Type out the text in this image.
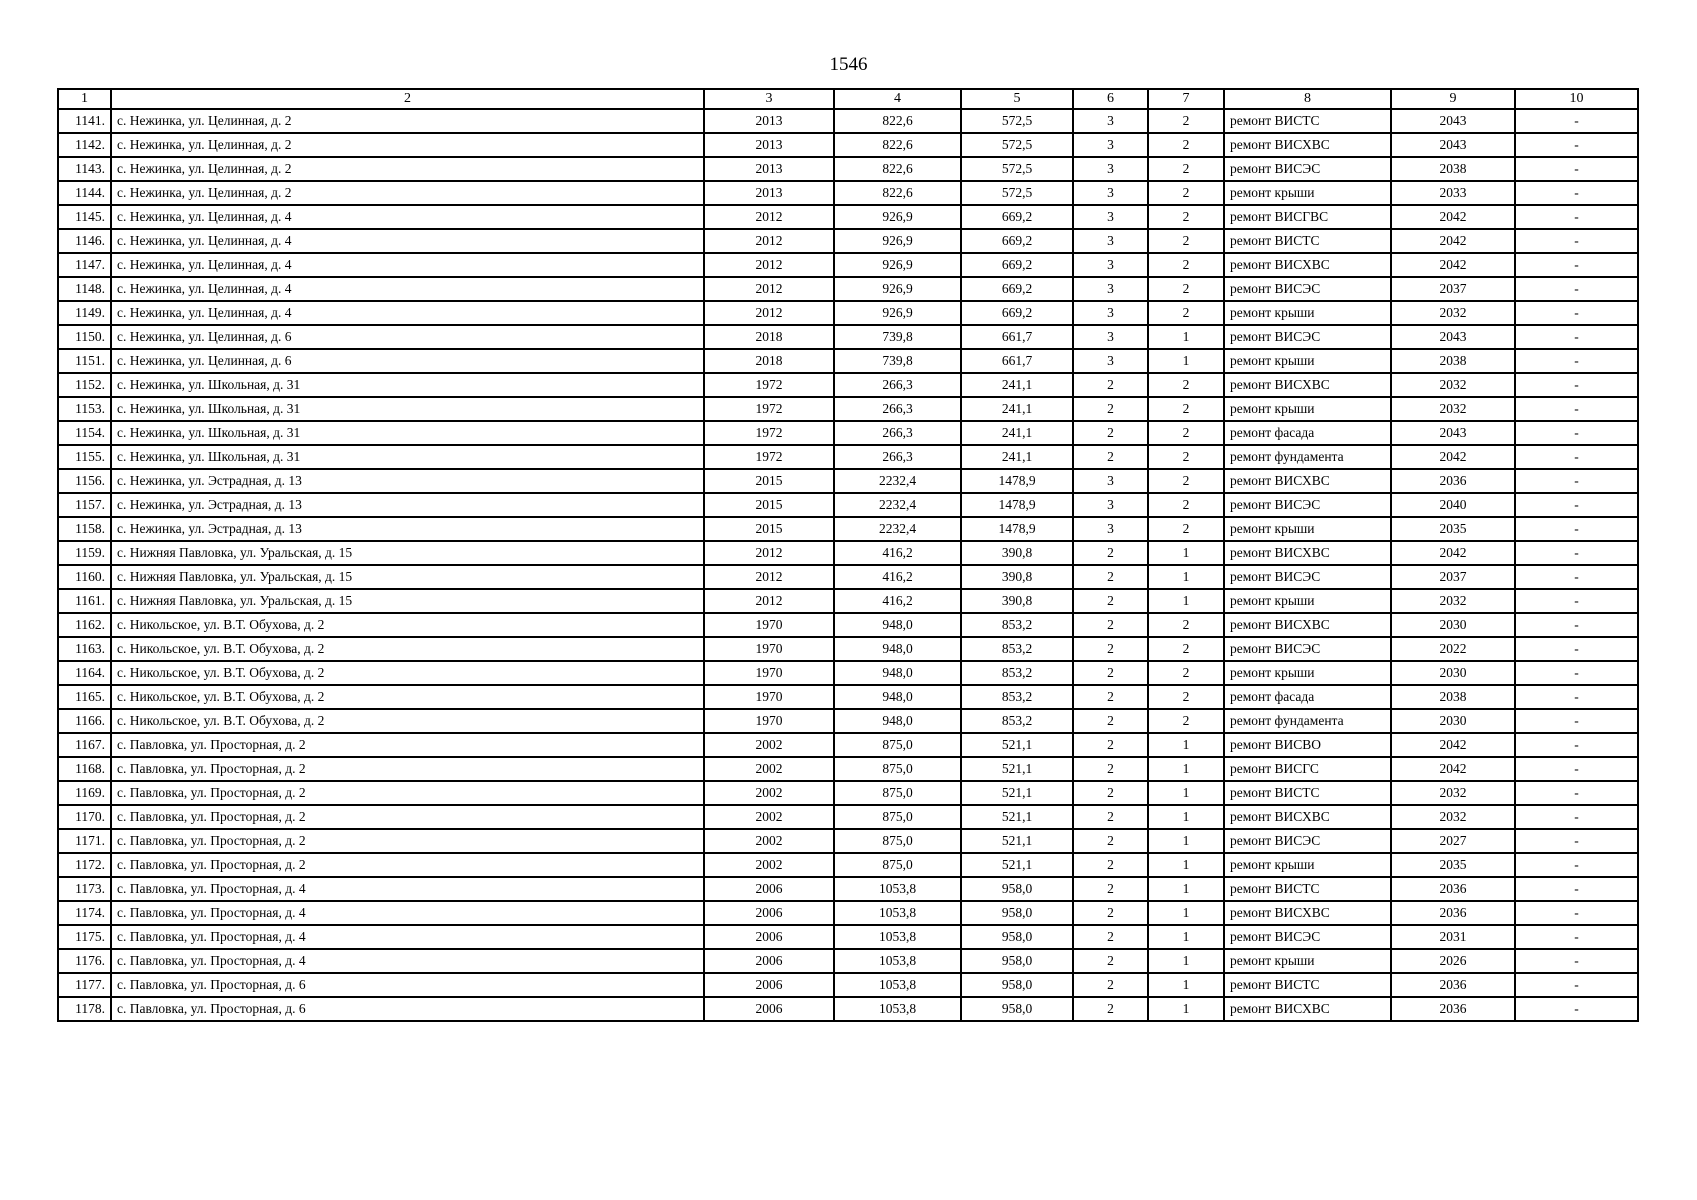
1546
1	2	3	4	5	6	7	8	9	10
1141.	с. Нежинка, ул. Целинная, д. 2	2013	822,6	572,5	3	2	ремонт ВИСТС	2043	-
1142.	с. Нежинка, ул. Целинная, д. 2	2013	822,6	572,5	3	2	ремонт ВИСХВС	2043	-
1143.	с. Нежинка, ул. Целинная, д. 2	2013	822,6	572,5	3	2	ремонт ВИСЭС	2038	-
1144.	с. Нежинка, ул. Целинная, д. 2	2013	822,6	572,5	3	2	ремонт крыши	2033	-
1145.	с. Нежинка, ул. Целинная, д. 4	2012	926,9	669,2	3	2	ремонт ВИСГВС	2042	-
1146.	с. Нежинка, ул. Целинная, д. 4	2012	926,9	669,2	3	2	ремонт ВИСТС	2042	-
1147.	с. Нежинка, ул. Целинная, д. 4	2012	926,9	669,2	3	2	ремонт ВИСХВС	2042	-
1148.	с. Нежинка, ул. Целинная, д. 4	2012	926,9	669,2	3	2	ремонт ВИСЭС	2037	-
1149.	с. Нежинка, ул. Целинная, д. 4	2012	926,9	669,2	3	2	ремонт крыши	2032	-
1150.	с. Нежинка, ул. Целинная, д. 6	2018	739,8	661,7	3	1	ремонт ВИСЭС	2043	-
1151.	с. Нежинка, ул. Целинная, д. 6	2018	739,8	661,7	3	1	ремонт крыши	2038	-
1152.	с. Нежинка, ул. Школьная, д. 31	1972	266,3	241,1	2	2	ремонт ВИСХВС	2032	-
1153.	с. Нежинка, ул. Школьная, д. 31	1972	266,3	241,1	2	2	ремонт крыши	2032	-
1154.	с. Нежинка, ул. Школьная, д. 31	1972	266,3	241,1	2	2	ремонт фасада	2043	-
1155.	с. Нежинка, ул. Школьная, д. 31	1972	266,3	241,1	2	2	ремонт фундамента	2042	-
1156.	с. Нежинка, ул. Эстрадная, д. 13	2015	2232,4	1478,9	3	2	ремонт ВИСХВС	2036	-
1157.	с. Нежинка, ул. Эстрадная, д. 13	2015	2232,4	1478,9	3	2	ремонт ВИСЭС	2040	-
1158.	с. Нежинка, ул. Эстрадная, д. 13	2015	2232,4	1478,9	3	2	ремонт крыши	2035	-
1159.	с. Нижняя Павловка, ул. Уральская, д. 15	2012	416,2	390,8	2	1	ремонт ВИСХВС	2042	-
1160.	с. Нижняя Павловка, ул. Уральская, д. 15	2012	416,2	390,8	2	1	ремонт ВИСЭС	2037	-
1161.	с. Нижняя Павловка, ул. Уральская, д. 15	2012	416,2	390,8	2	1	ремонт крыши	2032	-
1162.	с. Никольское, ул. В.Т. Обухова, д. 2	1970	948,0	853,2	2	2	ремонт ВИСХВС	2030	-
1163.	с. Никольское, ул. В.Т. Обухова, д. 2	1970	948,0	853,2	2	2	ремонт ВИСЭС	2022	-
1164.	с. Никольское, ул. В.Т. Обухова, д. 2	1970	948,0	853,2	2	2	ремонт крыши	2030	-
1165.	с. Никольское, ул. В.Т. Обухова, д. 2	1970	948,0	853,2	2	2	ремонт фасада	2038	-
1166.	с. Никольское, ул. В.Т. Обухова, д. 2	1970	948,0	853,2	2	2	ремонт фундамента	2030	-
1167.	с. Павловка, ул. Просторная, д. 2	2002	875,0	521,1	2	1	ремонт ВИСВО	2042	-
1168.	с. Павловка, ул. Просторная, д. 2	2002	875,0	521,1	2	1	ремонт ВИСГС	2042	-
1169.	с. Павловка, ул. Просторная, д. 2	2002	875,0	521,1	2	1	ремонт ВИСТС	2032	-
1170.	с. Павловка, ул. Просторная, д. 2	2002	875,0	521,1	2	1	ремонт ВИСХВС	2032	-
1171.	с. Павловка, ул. Просторная, д. 2	2002	875,0	521,1	2	1	ремонт ВИСЭС	2027	-
1172.	с. Павловка, ул. Просторная, д. 2	2002	875,0	521,1	2	1	ремонт крыши	2035	-
1173.	с. Павловка, ул. Просторная, д. 4	2006	1053,8	958,0	2	1	ремонт ВИСТС	2036	-
1174.	с. Павловка, ул. Просторная, д. 4	2006	1053,8	958,0	2	1	ремонт ВИСХВС	2036	-
1175.	с. Павловка, ул. Просторная, д. 4	2006	1053,8	958,0	2	1	ремонт ВИСЭС	2031	-
1176.	с. Павловка, ул. Просторная, д. 4	2006	1053,8	958,0	2	1	ремонт крыши	2026	-
1177.	с. Павловка, ул. Просторная, д. 6	2006	1053,8	958,0	2	1	ремонт ВИСТС	2036	-
1178.	с. Павловка, ул. Просторная, д. 6	2006	1053,8	958,0	2	1	ремонт ВИСХВС	2036	-
